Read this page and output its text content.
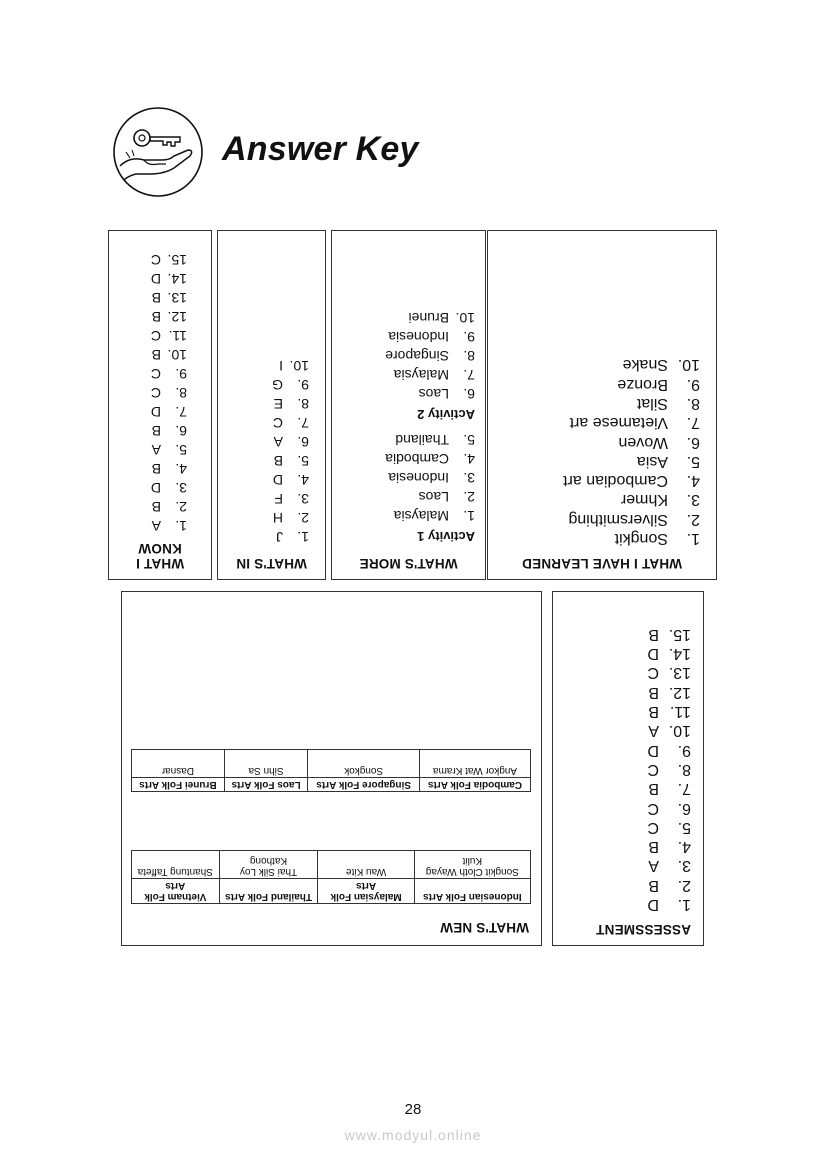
Answer Key
WHAT I KNOW
1.
A
2.
B
3.
D
4.
B
5.
A
6.
B
7.
D
8.
C
9.
C
10.
B
11.
C
12.
B
13.
B
14.
D
15.
C
WHAT'S IN
1.
J
2.
H
3.
F
4.
D
5.
B
6.
A
7.
C
8.
E
9.
G
10.
I
WHAT'S MORE
Activity 1
1.
Malaysia
2.
Laos
3.
Indonesia
4.
Cambodia
5.
Thailand
Activity 2
6.
Laos
7.
Malaysia
8.
Singapore
9.
Indonesia
10.
Brunei
WHAT I HAVE LEARNED
1.
Songkit
2.
Silversmithing
3.
Khmer
4.
Cambodian art
5.
Asia
6.
Woven
7.
Vietamese art
8.
Silat
9.
Bronze
10.
Snake
WHAT'S NEW
Indonesian Folk Arts	Malaysian Folk Arts	Thailand Folk Arts	Vietnam Folk Arts
Songkit Cloth Wayag Kulit	Wau Kite	Thai Silk Loy Kathong	Shantung Taffeta
Cambodia Folk Arts	Singapore Folk Arts	Laos Folk Arts	Brunei Folk Arts
Angkor Wat Krama	Songkok	Sihn Sa	Dasnar
ASSESSMENT
1.
D
2.
B
3.
A
4.
B
5.
C
6.
C
7.
B
8.
C
9.
D
10.
A
11.
B
12.
B
13.
C
14.
D
15.
B
28
www.modyul.online
